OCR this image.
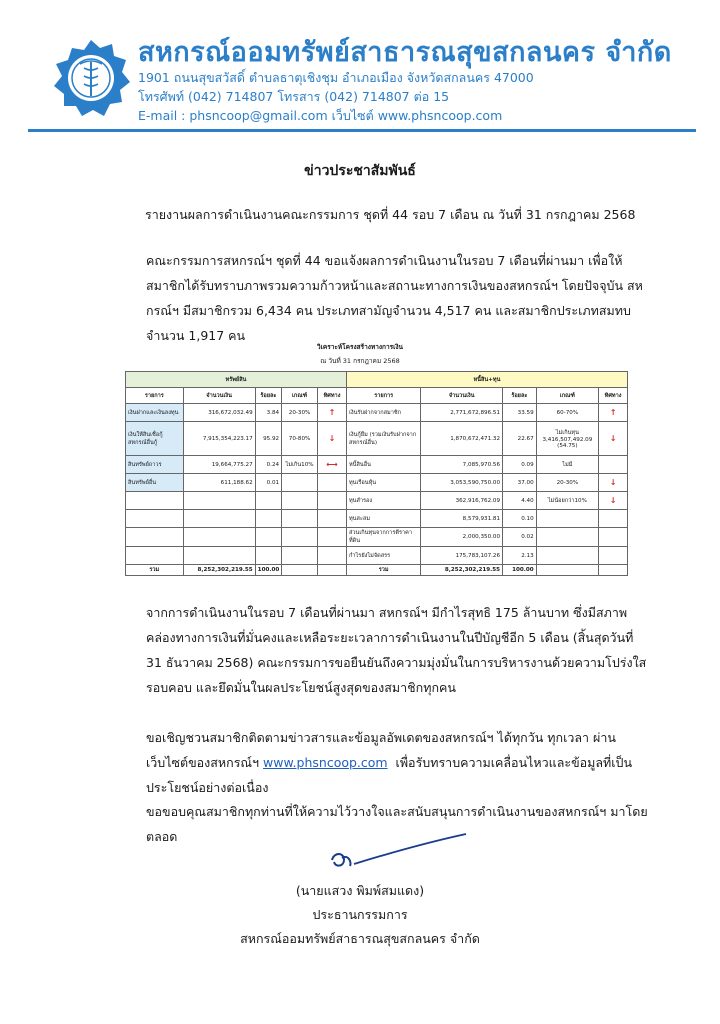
สหกรณ์ออมทรัพย์สาธารณสุขสกลนคร จำกัด
1901 ถนนสุขสวัสดิ์ ตำบลธาตุเชิงชุม อำเภอเมือง จังหวัดสกลนคร 47000
โทรศัพท์ (042) 714807 โทรสาร (042) 714807 ต่อ 15
E-mail : phsncoop@gmail.com เว็บไซต์ www.phsncoop.com
ข่าวประชาสัมพันธ์
รายงานผลการดำเนินงานคณะกรรมการ ชุดที่ 44 รอบ 7 เดือน ณ วันที่ 31 กรกฎาคม 2568

คณะกรรมการสหกรณ์ฯ ชุดที่ 44 ขอแจ้งผลการดำเนินงานในรอบ 7 เดือนที่ผ่านมา เพื่อให้สมาชิกได้รับทราบภาพรวมความก้าวหน้าและสถานะทางการเงินของสหกรณ์ฯ โดยปัจจุบัน สหกรณ์ฯ มีสมาชิกรวม 6,434 คน ประเภทสามัญจำนวน 4,517 คน และสมาชิกประเภทสมทบจำนวน 1,917 คน

วิเคราะห์โครงสร้างทางการเงิน
ณ วันที่ 31 กรกฎาคม 2568
ทรัพย์สิน					หนี้สิน+ทุน				
รายการ	จำนวนเงิน	ร้อยละ	เกณฑ์	ทิศทาง	รายการ	จำนวนเงิน	ร้อยละ	เกณฑ์	ทิศทาง
เงินฝากและเงินลงทุน	316,672,032.49	3.84	20-30%	↑	เงินรับฝากจากสมาชิก	2,771,672,896.51	33.59	60-70%	↑
เงินให้สินเชื่อกู้ สหกรณ์อื่นกู้	7,915,354,223.17	95.92	70-80%	↓	เงินกู้ยืม (รวมเงินรับฝากจากสหกรณ์อื่น)	1,870,672,471.32	22.67	ไม่เกินทุน 3,416,507,492.09 (54.75)	↓
สินทรัพย์ถาวร	19,664,775.27	0.24	ไม่เกิน10%	⟷	หนี้สินอื่น	7,085,970.56	0.09	ไม่มี	
สินทรัพย์อื่น	611,188.62	0.01			ทุนเรือนหุ้น	3,053,590,750.00	37.00	20-30%	↓
					ทุนสำรอง	362,916,762.09	4.40	ไม่น้อยกว่า10%	↓
					ทุนสะสม	8,579,931.81	0.10		
					ส่วนเกินทุนจากการตีราคาที่ดิน	2,000,350.00	0.02		
					กำไรยังไม่จัดสรร	175,783,107.26	2.13		
รวม	8,252,302,219.55	100.00			รวม	8,252,302,219.55	100.00		

จากการดำเนินงานในรอบ 7 เดือนที่ผ่านมา สหกรณ์ฯ มีกำไรสุทธิ 175 ล้านบาท ซึ่งมีสภาพคล่องทางการเงินที่มั่นคงและเหลือระยะเวลาการดำเนินงานในปีบัญชีอีก 5 เดือน (สิ้นสุดวันที่ 31 ธันวาคม 2568) คณะกรรมการขอยืนยันถึงความมุ่งมั่นในการบริหารงานด้วยความโปร่งใส รอบคอบ และยึดมั่นในผลประโยชน์สูงสุดของสมาชิกทุกคน

ขอเชิญชวนสมาชิกติดตามข่าวสารและข้อมูลอัพเดตของสหกรณ์ฯ ได้ทุกวัน ทุกเวลา ผ่านเว็บไซต์ของสหกรณ์ฯ www.phsncoop.com เพื่อรับทราบความเคลื่อนไหวและข้อมูลที่เป็นประโยชน์อย่างต่อเนื่อง

ขอขอบคุณสมาชิกทุกท่านที่ให้ความไว้วางใจและสนับสนุนการดำเนินงานของสหกรณ์ฯ มาโดยตลอด

(นายแสวง พิมพ์สมแดง)
ประธานกรรมการ
สหกรณ์ออมทรัพย์สาธารณสุขสกลนคร จำกัด
